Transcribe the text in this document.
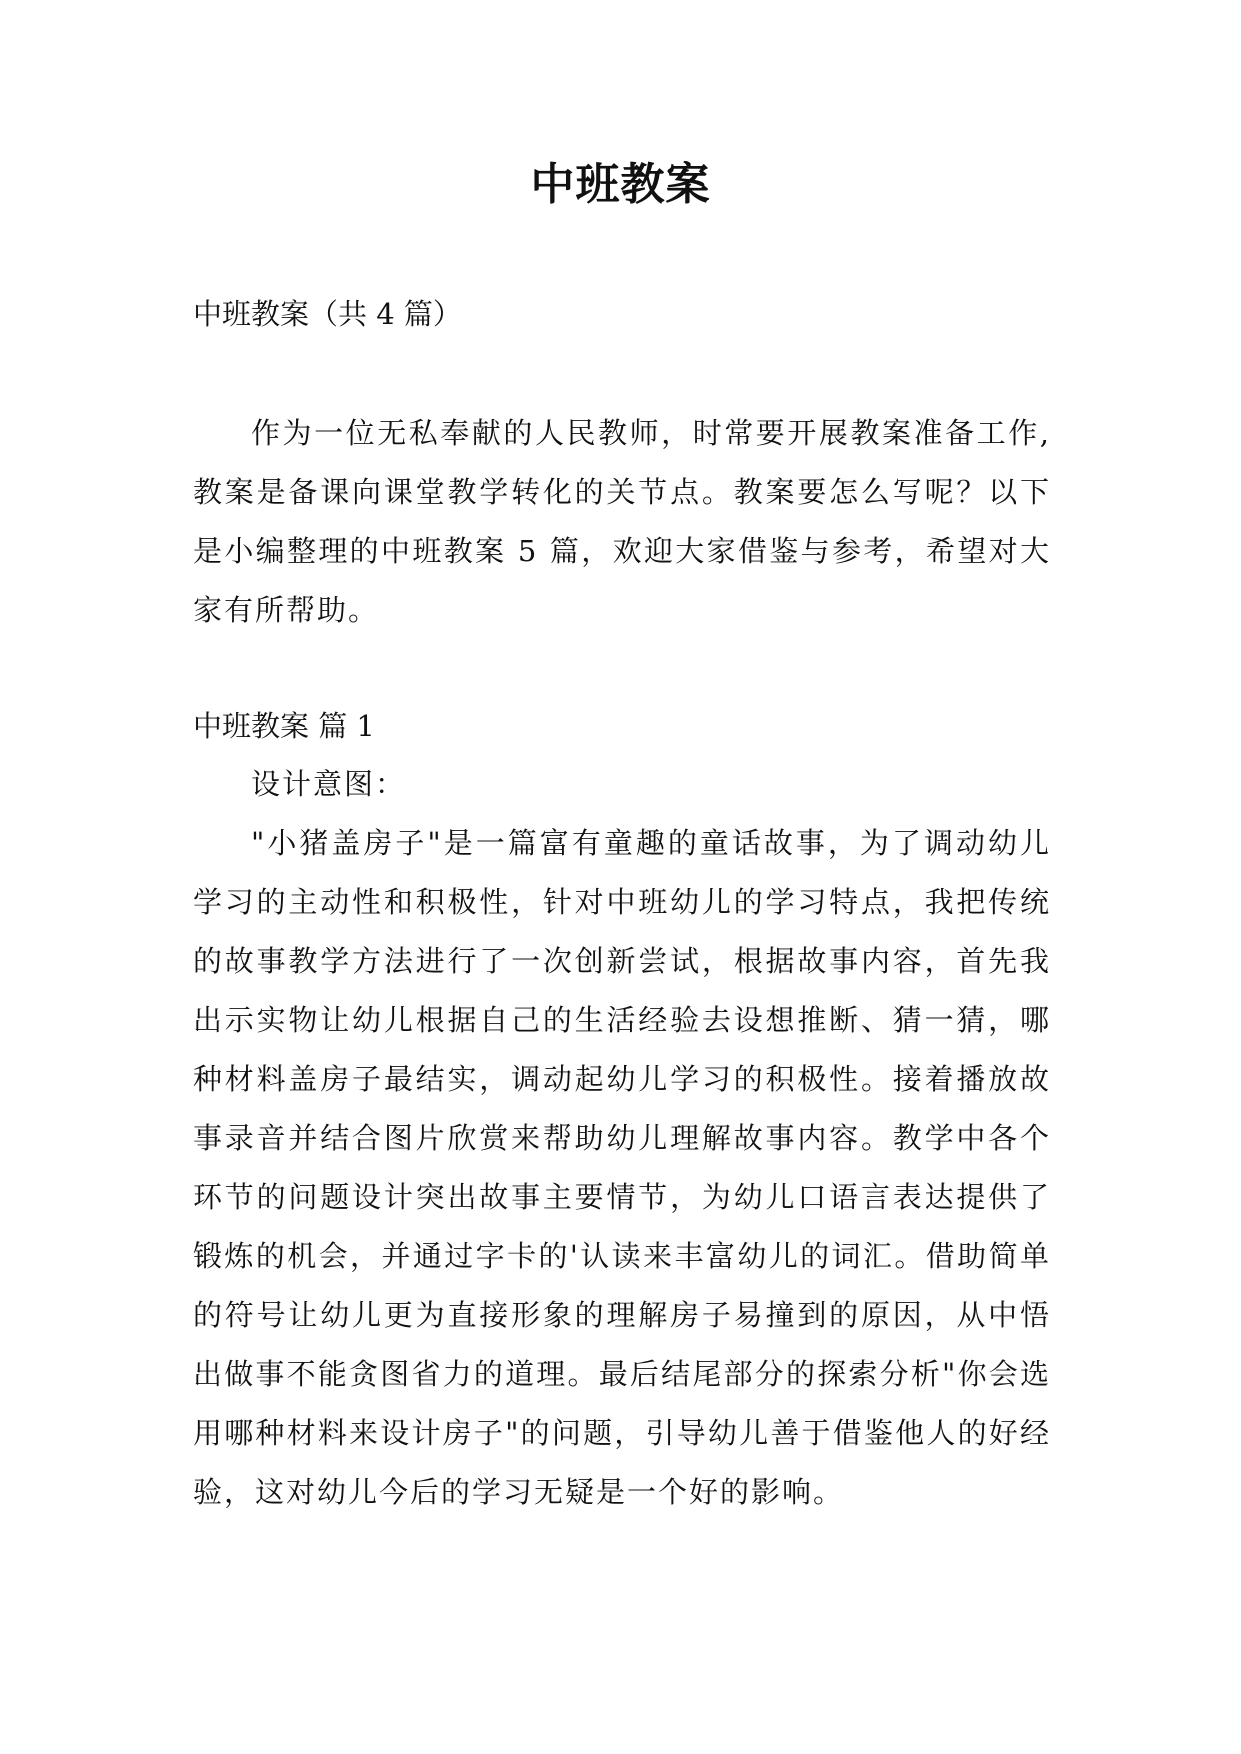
中班教案
中班教案（共 4 篇）

作为一位无私奉献的人民教师，时常要开展教案准备工作,教案是备课向课堂教学转化的关节点。教案要怎么写呢？以下是小编整理的中班教案 5 篇，欢迎大家借鉴与参考，希望对大家有所帮助。

中班教案 篇 1

设计意图：

"小猪盖房子"是一篇富有童趣的童话故事，为了调动幼儿学习的主动性和积极性，针对中班幼儿的学习特点，我把传统的故事教学方法进行了一次创新尝试，根据故事内容，首先我出示实物让幼儿根据自己的生活经验去设想推断、猜一猜，哪种材料盖房子最结实，调动起幼儿学习的积极性。接着播放故事录音并结合图片欣赏来帮助幼儿理解故事内容。教学中各个环节的问题设计突出故事主要情节，为幼儿口语言表达提供了锻炼的机会，并通过字卡的'认读来丰富幼儿的词汇。借助简单的符号让幼儿更为直接形象的理解房子易撞到的原因，从中悟出做事不能贪图省力的道理。最后结尾部分的探索分析"你会选用哪种材料来设计房子"的问题，引导幼儿善于借鉴他人的好经验，这对幼儿今后的学习无疑是一个好的影响。
